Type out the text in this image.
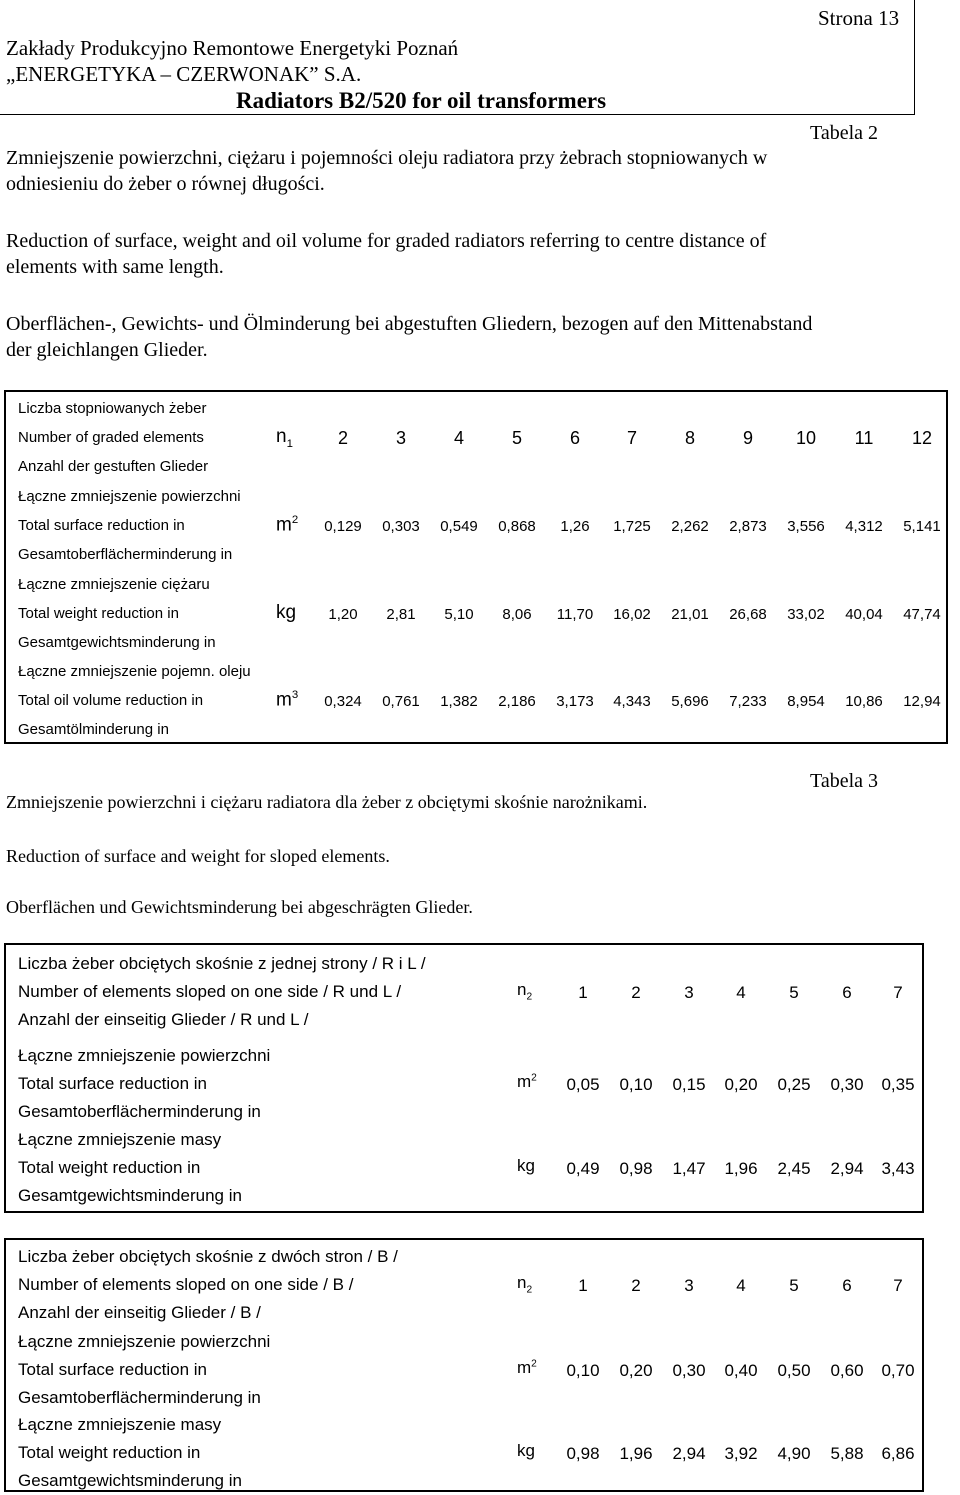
Strona 13
Zakłady Produkcyjno Remontowe Energetyki Poznań
„ENERGETYKA – CZERWONAK” S.A.
Radiators B2/520 for oil transformers
Tabela 2
Zmniejszenie powierzchni, ciężaru i pojemności oleju radiatora przy żebrach stopniowanych w
odniesieniu do żeber o równej długości.
Reduction of surface, weight and oil volume for graded radiators referring to centre distance of
elements with same length.
Oberflächen-, Gewichts- und Ölminderung bei abgestuften Gliedern, bezogen auf den Mittenabstand
der gleichlangen Glieder.
Liczba stopniowanych żeber
Number of graded elements
Anzahl der gestuften Glieder
$n_1$	2	3	4	5	6	7	8	9	10	11	12
Łączne zmniejszenie powierzchni
Total surface reduction in
Gesamtoberflächerminderung in
$m^2$	0,129	0,303	0,549	0,868	1,26	1,725	2,262	2,873	3,556	4,312	5,141
Łączne zmniejszenie ciężaru
Total weight reduction in
Gesamtgewichtsminderung in
kg	1,20	2,81	5,10	8,06	11,70	16,02	21,01	26,68	33,02	40,04	47,74
Łączne zmniejszenie pojemn. oleju
Total oil volume reduction in
Gesamtölminderung in
$m^3$	0,324	0,761	1,382	2,186	3,173	4,343	5,696	7,233	8,954	10,86	12,94
Tabela 3
Zmniejszenie powierzchni i ciężaru radiatora dla żeber z obciętymi skośnie narożnikami.
Reduction of surface and weight for sloped elements.
Oberflächen und Gewichtsminderung bei abgeschrägten Glieder.
Liczba żeber obciętych skośnie z jednej strony / R i L /
Number of elements sloped on one side / R und L /
Anzahl der einseitig Glieder / R und L /
$n_2$	1	2	3	4	5	6	7
Łączne zmniejszenie powierzchni
Total surface reduction in
Gesamtoberflächerminderung in
$m^2$	0,05	0,10	0,15	0,20	0,25	0,30	0,35
Łączne zmniejszenie masy
Total weight reduction in
Gesamtgewichtsminderung in
kg	0,49	0,98	1,47	1,96	2,45	2,94	3,43
Liczba żeber obciętych skośnie z dwóch stron / B /
Number of elements sloped on one side / B /
Anzahl der einseitig Glieder / B /
$n_2$	1	2	3	4	5	6	7
Łączne zmniejszenie powierzchni
Total surface reduction in
Gesamtoberflächerminderung in
$m^2$	0,10	0,20	0,30	0,40	0,50	0,60	0,70
Łączne zmniejszenie masy
Total weight reduction in
Gesamtgewichtsminderung in
kg	0,98	1,96	2,94	3,92	4,90	5,88	6,86
